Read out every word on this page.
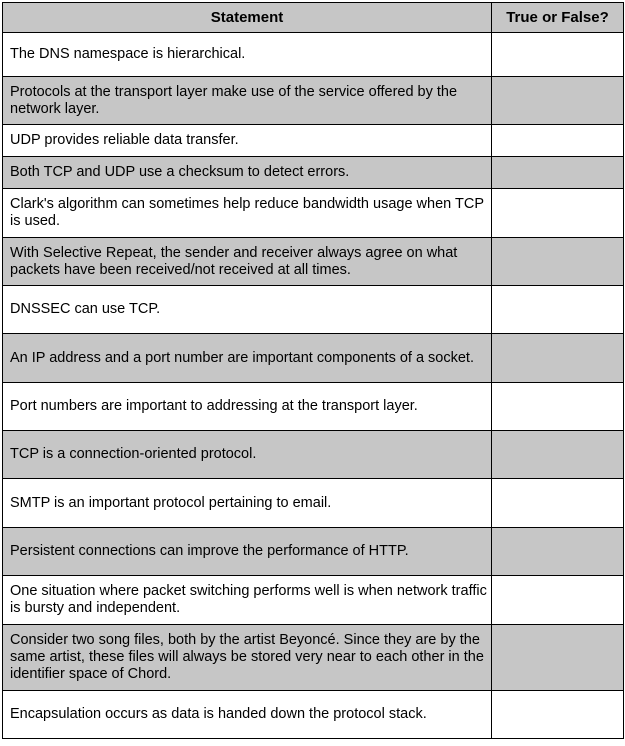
Statement	True or False?
The DNS namespace is hierarchical.	
Protocols at the transport layer make use of the service offered by the network layer.	
UDP provides reliable data transfer.	
Both TCP and UDP use a checksum to detect errors.	
Clark's algorithm can sometimes help reduce bandwidth usage when TCP is used.	
With Selective Repeat, the sender and receiver always agree on what packets have been received/not received at all times.	
DNSSEC can use TCP.	
An IP address and a port number are important components of a socket.	
Port numbers are important to addressing at the transport layer.	
TCP is a connection-oriented protocol.	
SMTP is an important protocol pertaining to email.	
Persistent connections can improve the performance of HTTP.	
One situation where packet switching performs well is when network traffic is bursty and independent.	
Consider two song files, both by the artist Beyoncé. Since they are by the same artist, these files will always be stored very near to each other in the identifier space of Chord.	
Encapsulation occurs as data is handed down the protocol stack.	
